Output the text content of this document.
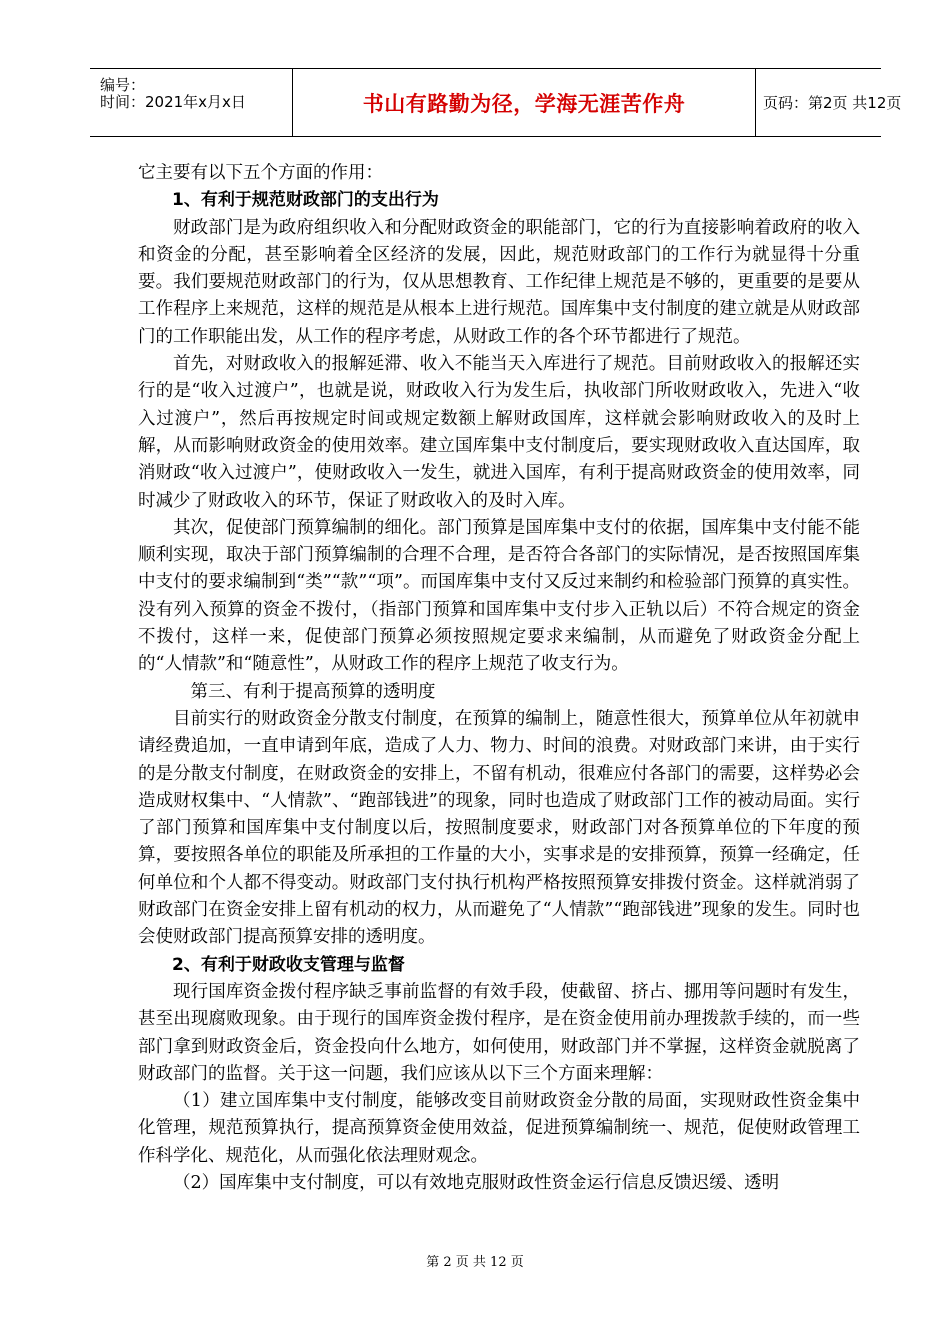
编号：
时间：2021年x月x日	书山有路勤为径，学海无涯苦作舟	页码：第2页 共12页

它主要有以下五个方面的作用：

1、有利于规范财政部门的支出行为

财政部门是为政府组织收入和分配财政资金的职能部门，它的行为直接影响着政府的收入和资金的分配，甚至影响着全区经济的发展，因此，规范财政部门的工作行为就显得十分重要。我们要规范财政部门的行为，仅从思想教育、工作纪律上规范是不够的，更重要的是要从工作程序上来规范，这样的规范是从根本上进行规范。国库集中支付制度的建立就是从财政部门的工作职能出发，从工作的程序考虑，从财政工作的各个环节都进行了规范。

首先，对财政收入的报解延滞、收入不能当天入库进行了规范。目前财政收入的报解还实行的是“收入过渡户”，也就是说，财政收入行为发生后，执收部门所收财政收入，先进入“收入过渡户”，然后再按规定时间或规定数额上解财政国库，这样就会影响财政收入的及时上解，从而影响财政资金的使用效率。建立国库集中支付制度后，要实现财政收入直达国库，取消财政“收入过渡户”，使财政收入一发生，就进入国库，有利于提高财政资金的使用效率，同时减少了财政收入的环节，保证了财政收入的及时入库。

其次，促使部门预算编制的细化。部门预算是国库集中支付的依据，国库集中支付能不能顺利实现，取决于部门预算编制的合理不合理，是否符合各部门的实际情况，是否按照国库集中支付的要求编制到“类”“款”“项”。而国库集中支付又反过来制约和检验部门预算的真实性。没有列入预算的资金不拨付，（指部门预算和国库集中支付步入正轨以后）不符合规定的资金不拨付，这样一来，促使部门预算必须按照规定要求来编制，从而避免了财政资金分配上的“人情款”和“随意性”，从财政工作的程序上规范了收支行为。

第三、有利于提高预算的透明度

目前实行的财政资金分散支付制度，在预算的编制上，随意性很大，预算单位从年初就申请经费追加，一直申请到年底，造成了人力、物力、时间的浪费。对财政部门来讲，由于实行的是分散支付制度，在财政资金的安排上，不留有机动，很难应付各部门的需要，这样势必会造成财权集中、“人情款”、“跑部钱进”的现象，同时也造成了财政部门工作的被动局面。实行了部门预算和国库集中支付制度以后，按照制度要求，财政部门对各预算单位的下年度的预算，要按照各单位的职能及所承担的工作量的大小，实事求是的安排预算，预算一经确定，任何单位和个人都不得变动。财政部门支付执行机构严格按照预算安排拨付资金。这样就消弱了财政部门在资金安排上留有机动的权力，从而避免了“人情款”“跑部钱进”现象的发生。同时也会使财政部门提高预算安排的透明度。

2、有利于财政收支管理与监督

现行国库资金拨付程序缺乏事前监督的有效手段，使截留、挤占、挪用等问题时有发生，甚至出现腐败现象。由于现行的国库资金拨付程序，是在资金使用前办理拨款手续的，而一些部门拿到财政资金后，资金投向什么地方，如何使用，财政部门并不掌握，这样资金就脱离了财政部门的监督。关于这一问题，我们应该从以下三个方面来理解：

（1）建立国库集中支付制度，能够改变目前财政资金分散的局面，实现财政性资金集中化管理，规范预算执行，提高预算资金使用效益，促进预算编制统一、规范，促使财政管理工作科学化、规范化，从而强化依法理财观念。

（2）国库集中支付制度，可以有效地克服财政性资金运行信息反馈迟缓、透明

第 2 页 共 12 页
